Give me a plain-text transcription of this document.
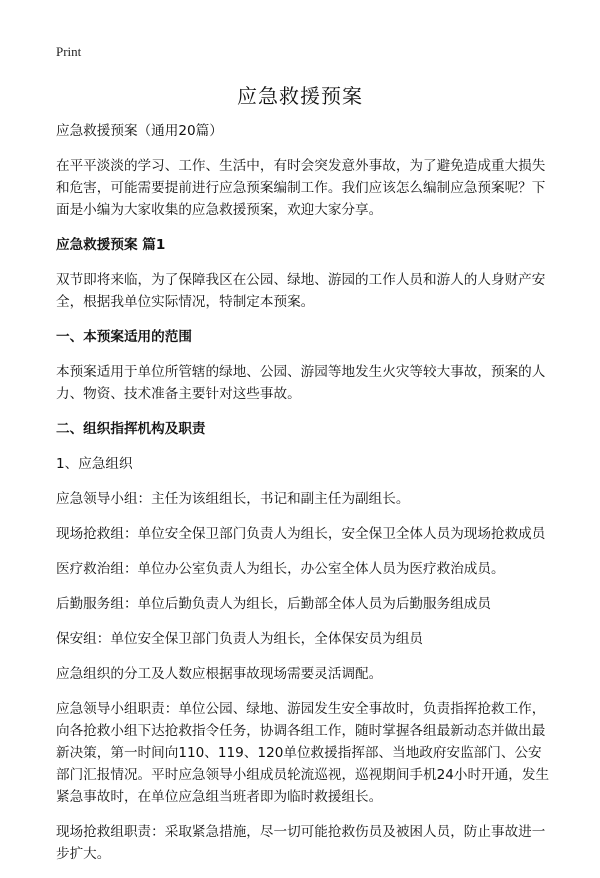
Print
应急救援预案

应急救援预案（通用20篇）

在平平淡淡的学习、工作、生活中，有时会突发意外事故，为了避免造成重大损失和危害，可能需要提前进行应急预案编制工作。我们应该怎么编制应急预案呢？下面是小编为大家收集的应急救援预案，欢迎大家分享。

应急救援预案 篇1

双节即将来临，为了保障我区在公园、绿地、游园的工作人员和游人的人身财产安全，根据我单位实际情况，特制定本预案。

一、本预案适用的范围

本预案适用于单位所管辖的绿地、公园、游园等地发生火灾等较大事故，预案的人力、物资、技术准备主要针对这些事故。

二、组织指挥机构及职责

1、应急组织

应急领导小组：主任为该组组长，书记和副主任为副组长。

现场抢救组：单位安全保卫部门负责人为组长，安全保卫全体人员为现场抢救成员

医疗救治组：单位办公室负责人为组长，办公室全体人员为医疗救治成员。

后勤服务组：单位后勤负责人为组长，后勤部全体人员为后勤服务组成员

保安组：单位安全保卫部门负责人为组长，全体保安员为组员

应急组织的分工及人数应根据事故现场需要灵活调配。

应急领导小组职责：单位公园、绿地、游园发生安全事故时，负责指挥抢救工作，向各抢救小组下达抢救指令任务，协调各组工作，随时掌握各组最新动态并做出最新决策，第一时间向110、119、120单位救援指挥部、当地政府安监部门、公安部门汇报情况。平时应急领导小组成员轮流巡视，巡视期间手机24小时开通，发生紧急事故时，在单位应急组当班者即为临时救援组长。

现场抢救组职责：采取紧急措施，尽一切可能抢救伤员及被困人员，防止事故进一步扩大。
